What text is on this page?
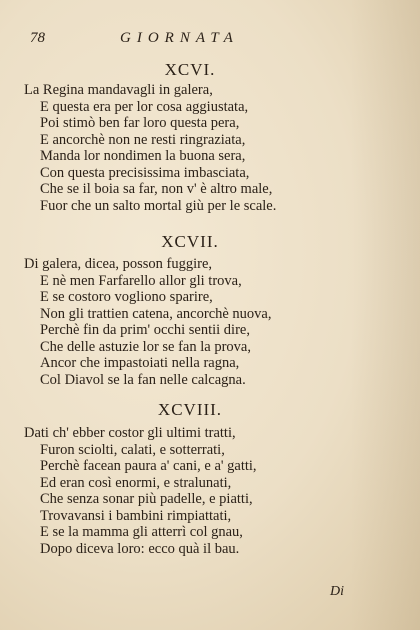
78	GIORNATA
XCVI.
La Regina mandavagli in galera,
E questa era per lor cosa aggiustata,
Poi stimò ben far loro questa pera,
E ancorchè non ne resti ringraziata,
Manda lor nondimen la buona sera,
Con questa precisissima imbasciata,
Che se il boia sa far, non v' è altro male,
Fuor che un salto mortal giù per le scale.
XCVII.
Di galera, dicea, posson fuggire,
E nè men Farfarello allor gli trova,
E se costoro vogliono sparire,
Non gli trattien catena, ancorchè nuova,
Perchè fin da prim' occhi sentii dire,
Che delle astuzie lor se fan la prova,
Ancor che impastoiati nella ragna,
Col Diavol se la fan nelle calcagna.
XCVIII.
Dati ch' ebber costor gli ultimi tratti,
Furon sciolti, calati, e sotterrati,
Perchè facean paura a' cani, e a' gatti,
Ed eran così enormi, e stralunati,
Che senza sonar più padelle, e piatti,
Trovavansi i bambini rimpiattati,
E se la mamma gli atterrì col gnau,
Dopo diceva loro: ecco quà il bau.
Di
